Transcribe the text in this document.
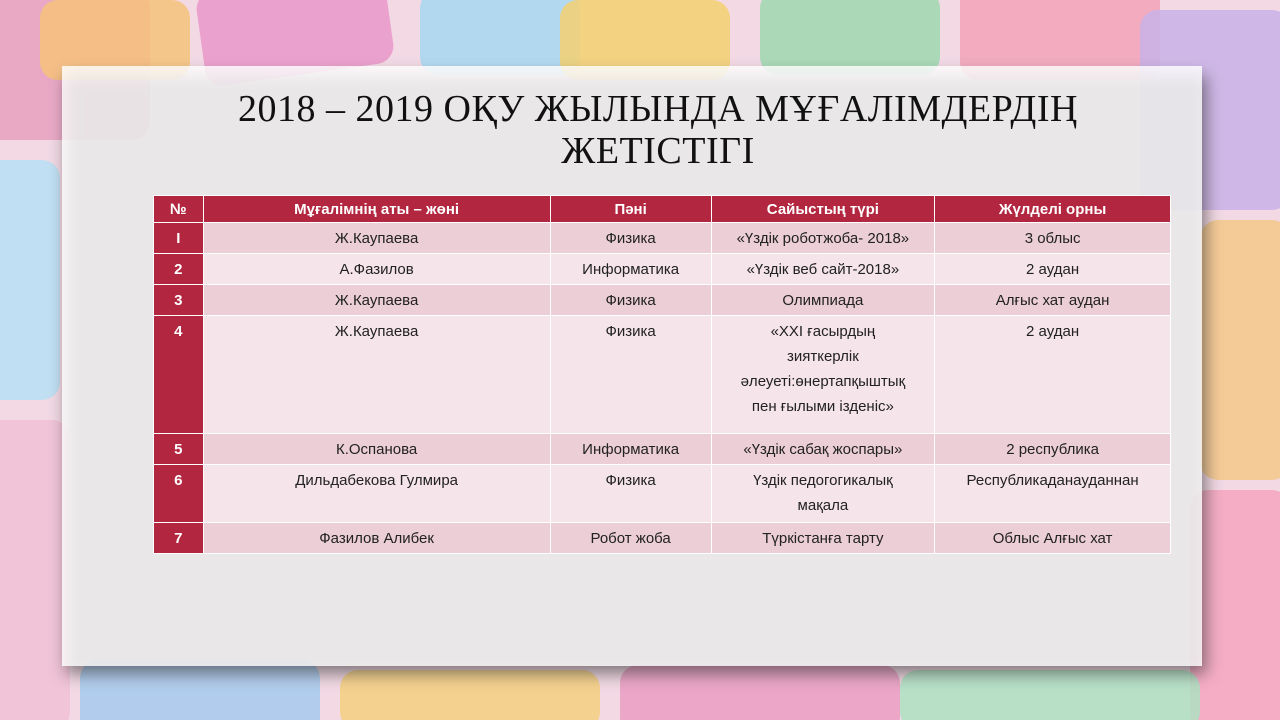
2018 – 2019 ОҚУ ЖЫЛЫНДА МҰҒАЛІМДЕРДІҢ ЖЕТІСТІГІ
№	Мұғалімнің аты – жөні	Пәні	Сайыстың түрі	Жүлделі орны
I	Ж.Каупаева	Физика	«Үздік роботжоба- 2018»	3 облыс
2	А.Фазилов	Информатика	«Үздік веб сайт-2018»	2 аудан
3	Ж.Каупаева	Физика	Олимпиада	Алғыс хат аудан
4	Ж.Каупаева	Физика	«XXI ғасырдың зияткерлік әлеуеті:өнертапқыштық пен ғылыми ізденіс»	2 аудан
5	К.Оспанова	Информатика	«Үздік сабақ жоспары»	2 республика
6	Дильдабекова Гулмира	Физика	Үздік педогогикалық мақала	Республикаданауданнан
7	Фазилов Алибек	Робот жоба	Түркістанға тарту	Облыс Алғыс хат
